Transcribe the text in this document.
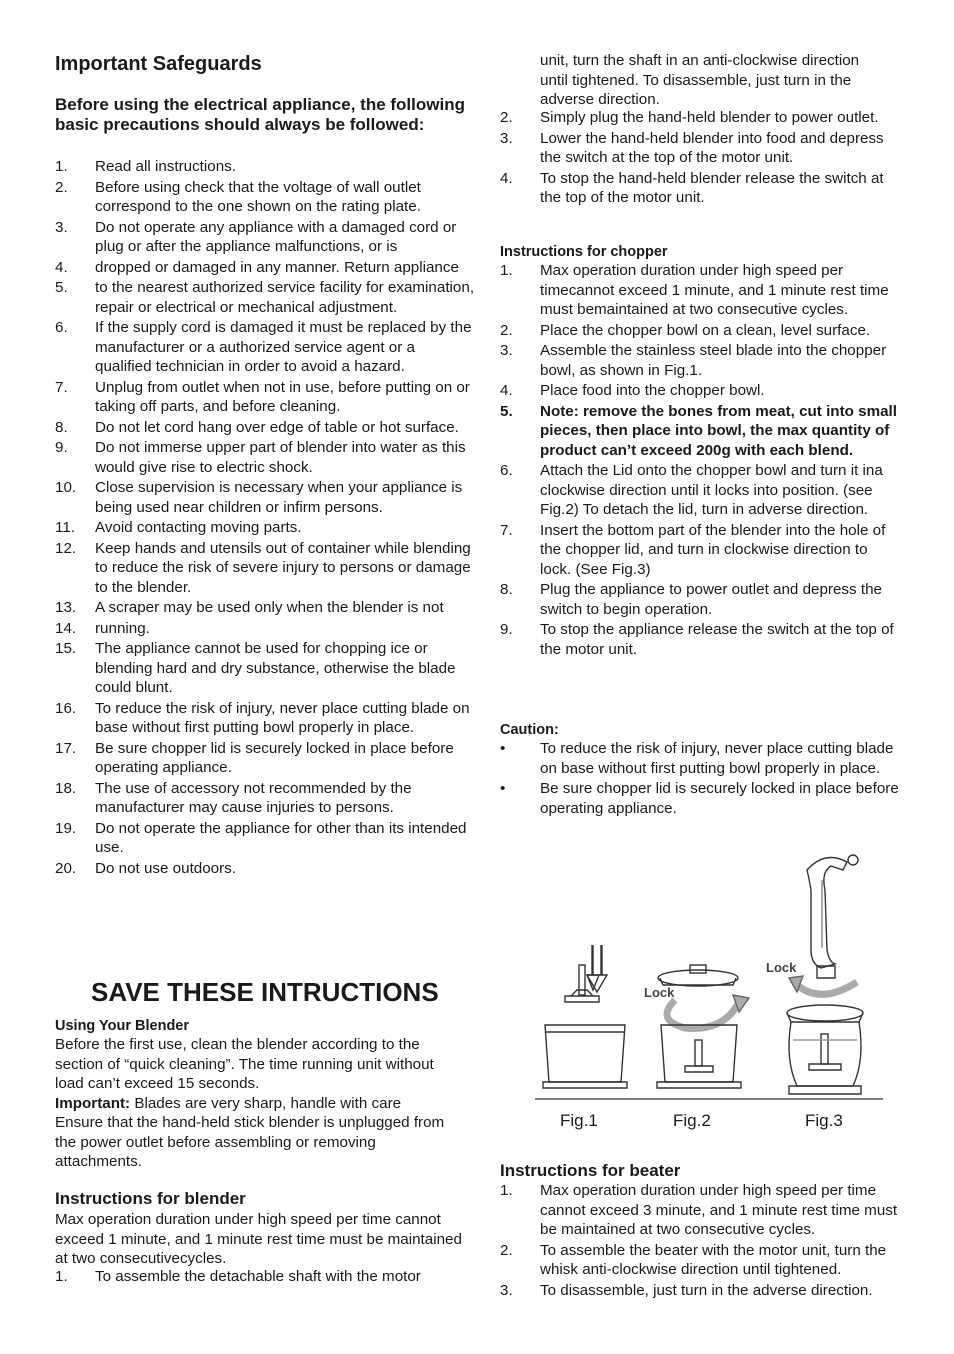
Important Safeguards
Before using the electrical appliance, the following basic precautions should always be followed:
1.	Read all instructions.
2.	Before using check that the voltage of wall outlet correspond to the one shown on the rating plate.
3.	Do not operate any appliance with a damaged cord or plug or after the appliance malfunctions, or is
4.	dropped or damaged in any manner. Return appliance
5.	to the nearest authorized service facility for examination, repair or electrical or mechanical adjustment.
6.	If the supply cord is damaged it must be replaced by the manufacturer or a authorized service agent or a qualified technician in order to avoid a hazard.
7.	Unplug from outlet when not in use, before putting on or taking off parts, and before cleaning.
8.	Do not let cord hang over edge of table or hot surface.
9.	Do not immerse upper part of blender into water as this would give rise to electric shock.
10.	Close supervision is necessary when your appliance is being used near children or infirm persons.
11.	Avoid contacting moving parts.
12.	Keep hands and utensils out of container while blending to reduce the risk of severe injury to persons or damage to the blender.
13.	A scraper may be used only when the blender is not
14.	running.
15.	The appliance cannot be used for chopping ice or blending hard and dry substance, otherwise the blade could blunt.
16.	To reduce the risk of injury, never place cutting blade on base without first putting bowl properly in place.
17.	Be sure chopper lid is securely locked in place before operating appliance.
18.	The use of accessory not recommended by the manufacturer may cause injuries to persons.
19.	Do not operate the appliance for other than its intended use.
20.	Do not use outdoors.
SAVE THESE INTRUCTIONS
Using Your Blender
Before the first use, clean the blender according to the section of “quick cleaning”. The time running unit without load can’t exceed 15 seconds.
Important: Blades are very sharp, handle with care
Ensure that the hand-held stick blender is unplugged from the power outlet before assembling or removing attachments.
Instructions for blender
Max operation duration under high speed per time cannot exceed 1 minute, and 1 minute rest time must be maintained at two consecutivecycles.
1.	To assemble the detachable shaft with the motor
unit, turn the shaft in an anti-clockwise direction until tightened. To disassemble, just turn in the adverse direction.
2.	Simply plug the hand-held blender to power outlet.
3.	Lower the hand-held blender into food and depress the switch at the top of the motor unit.
4.	To stop the hand-held blender release the switch at the top of the motor unit.
Instructions for chopper
1.	Max operation duration under high speed per timecannot exceed 1 minute, and 1 minute rest time must bemaintained at two consecutive cycles.
2.	Place the chopper bowl on a clean, level surface.
3.	Assemble the stainless steel blade into the chopper bowl, as shown in Fig.1.
4.	Place food into the chopper bowl.
5.	Note: remove the bones from meat, cut into small pieces, then place into bowl, the max quantity of product can’t exceed 200g with each blend.
6.	Attach the Lid onto the chopper bowl and turn it ina clockwise direction until it locks into position. (see Fig.2) To detach the lid, turn in adverse direction.
7.	Insert the bottom part of the blender into the hole of the chopper lid, and turn in clockwise direction to lock. (See Fig.3)
8.	Plug the appliance to power outlet and depress the switch to begin operation.
9.	To stop the appliance release the switch at the top of the motor unit.
Caution:
•	To reduce the risk of injury, never place cutting blade on base without first putting bowl properly in place.
•	Be sure chopper lid is securely locked in place before operating appliance.
Instructions for beater
1.	Max operation duration under high speed per time cannot exceed 3 minute, and 1 minute rest time must be maintained at two consecutive cycles.
2.	To assemble the beater with the motor unit, turn the whisk anti-clockwise direction until tightened.
3.	To disassemble, just turn in the adverse direction.
Lock
Lock
Fig.1	Fig.2	Fig.3
